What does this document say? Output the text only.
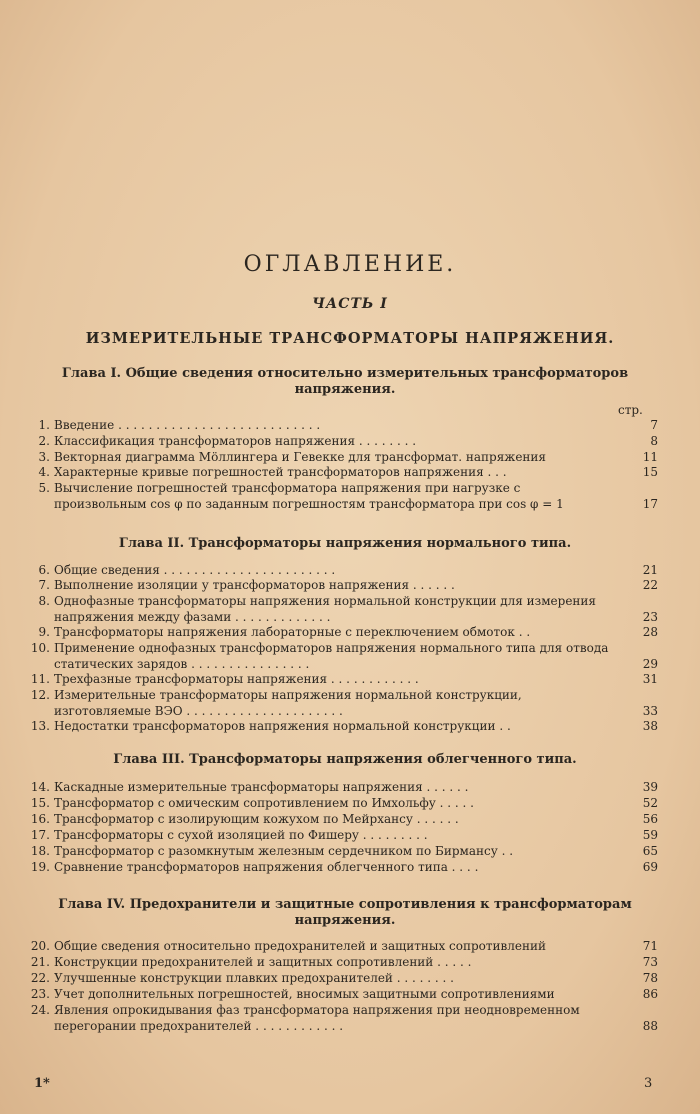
ОГЛАВЛЕНИЕ.
ЧАСТЬ I
ИЗМЕРИТЕЛЬНЫЕ ТРАНСФОРМАТОРЫ НАПРЯЖЕНИЯ.
Глава I. Общие сведения относительно измерительных трансформаторов напряжения.
стр.
1. Введение . . . . . . . . . . . . . . . . . . . . . . . . . . .	7
2. Классификация трансформаторов напряжения . . . . . . . .	8
3. Векторная диаграмма Мöллингера и Гевекке для трансформат. напряжения	11
4. Характерные кривые погрешностей трансформаторов напряжения . . .	15
5. Вычисление погрешностей трансформатора напряжения при нагрузке с произвольным cos φ по заданным погрешностям трансформатора при cos φ = 1	17
Глава II. Трансформаторы напряжения нормального типа.
6. Общие сведения . . . . . . . . . . . . . . . . . . . . . . .	21
7. Выполнение изоляции у трансформаторов напряжения . . . . . .	22
8. Однофазные трансформаторы напряжения нормальной конструкции для измерения напряжения между фазами . . . . . . . . . . . . .	23
9. Трансформаторы напряжения лабораторные с переключением обмоток . .	28
10. Применение однофазных трансформаторов напряжения нормального типа для отвода статических зарядов . . . . . . . . . . . . . . . .	29
11. Трехфазные трансформаторы напряжения . . . . . . . . . . . .	31
12. Измерительные трансформаторы напряжения нормальной конструкции, изготовляемые ВЭО . . . . . . . . . . . . . . . . . . . . .	33
13. Недостатки трансформаторов напряжения нормальной конструкции . .	38
Глава III. Трансформаторы напряжения облегченного типа.
14. Каскадные измерительные трансформаторы напряжения . . . . . .	39
15. Трансформатор с омическим сопротивлением по Имхольфу . . . . .	52
16. Трансформатор с изолирующим кожухом по Мейрхансу . . . . . .	56
17. Трансформаторы с сухой изоляцией по Фишеру . . . . . . . . .	59
18. Трансформатор с разомкнутым железным сердечником по Бирмансу . .	65
19. Сравнение трансформаторов напряжения облегченного типа . . . .	69
Глава IV. Предохранители и защитные сопротивления к трансформаторам напряжения.
20. Общие сведения относительно предохранителей и защитных сопротивлений	71
21. Конструкции предохранителей и защитных сопротивлений . . . . .	73
22. Улучшенные конструкции плавких предохранителей . . . . . . . .	78
23. Учет дополнительных погрешностей, вносимых защитными сопротивлениями	86
24. Явления опрокидывания фаз трансформатора напряжения при неодновременном перегорании предохранителей . . . . . . . . . . . .	88
1*	3
